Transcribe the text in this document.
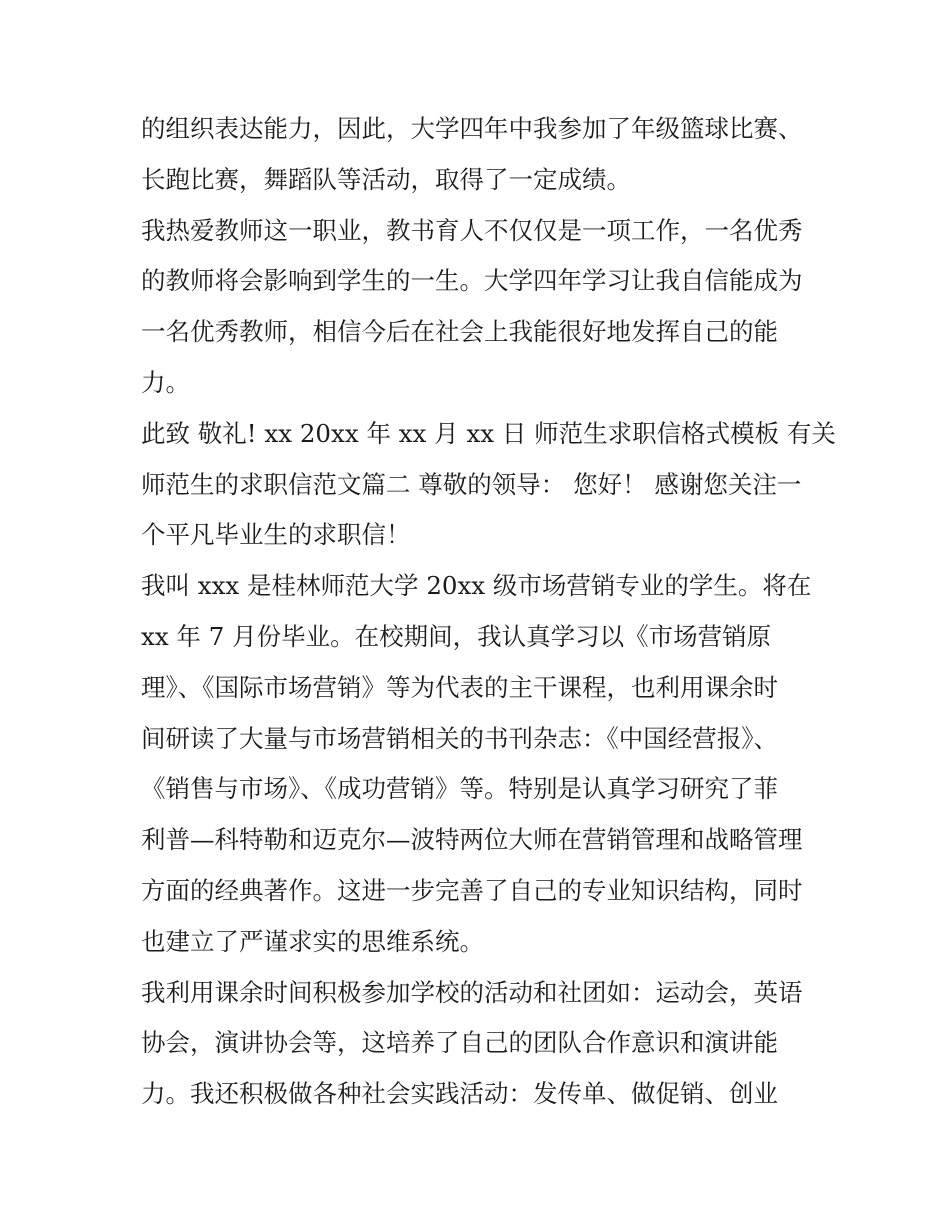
的组织表达能力，因此，大学四年中我参加了年级篮球比赛、
长跑比赛，舞蹈队等活动，取得了一定成绩。

我热爱教师这一职业，教书育人不仅仅是一项工作，一名优秀
的教师将会影响到学生的一生。大学四年学习让我自信能成为
一名优秀教师，相信今后在社会上我能很好地发挥自己的能
力。

此致 敬礼! xx 20xx 年 xx 月 xx 日 师范生求职信格式模板 有关
师范生的求职信范文篇二 尊敬的领导： 您好！ 感谢您关注一
个平凡毕业生的求职信！

我叫 xxx 是桂林师范大学 20xx 级市场营销专业的学生。将在
xx 年 7 月份毕业。在校期间，我认真学习以《市场营销原
理》、《国际市场营销》等为代表的主干课程，也利用课余时
间研读了大量与市场营销相关的书刊杂志：《中国经营报》、
《销售与市场》、《成功营销》等。特别是认真学习研究了菲
利普—科特勒和迈克尔—波特两位大师在营销管理和战略管理
方面的经典著作。这进一步完善了自己的专业知识结构，同时
也建立了严谨求实的思维系统。

我利用课余时间积极参加学校的活动和社团如：运动会，英语
协会，演讲协会等，这培养了自己的团队合作意识和演讲能
力。我还积极做各种社会实践活动：发传单、做促销、创业
